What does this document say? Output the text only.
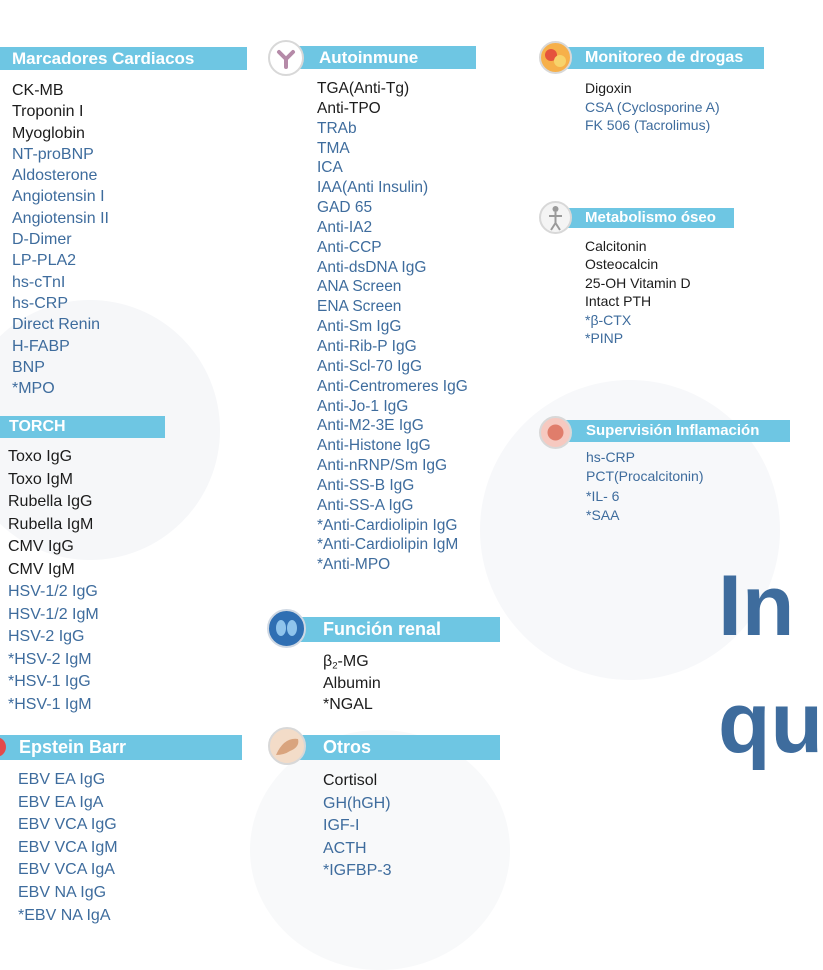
Marcadores Cardiacos
CK-MB
Troponin I
Myoglobin
NT-proBNP
Aldosterone
Angiotensin I
Angiotensin II
D-Dimer
LP-PLA2
hs-cTnI
hs-CRP
Direct Renin
H-FABP
BNP
*MPO
TORCH
Toxo IgG
Toxo IgM
Rubella IgG
Rubella IgM
CMV IgG
CMV IgM
HSV-1/2 IgG
HSV-1/2 IgM
HSV-2 IgG
*HSV-2 IgM
*HSV-1 IgG
*HSV-1 IgM
Epstein Barr
EBV EA IgG
EBV EA IgA
EBV VCA IgG
EBV VCA IgM
EBV VCA IgA
EBV NA IgG
*EBV NA IgA
Autoinmune
TGA(Anti-Tg)
Anti-TPO
TRAb
TMA
ICA
IAA(Anti Insulin)
GAD 65
Anti-IA2
Anti-CCP
Anti-dsDNA IgG
ANA Screen
ENA Screen
Anti-Sm IgG
Anti-Rib-P IgG
Anti-Scl-70 IgG
Anti-Centromeres IgG
Anti-Jo-1 IgG
Anti-M2-3E IgG
Anti-Histone IgG
Anti-nRNP/Sm IgG
Anti-SS-B IgG
Anti-SS-A IgG
*Anti-Cardiolipin IgG
*Anti-Cardiolipin IgM
*Anti-MPO
Función renal
$\beta_2-MG$
Albumin
*NGAL
Otros
Cortisol
GH(hGH)
IGF-I
ACTH
*IGFBP-3
Monitoreo de drogas
Digoxin
CSA (Cyclosporine A)
FK 506 (Tacrolimus)
Metabolismo óseo
Calcitonin
Osteocalcin
25-OH Vitamin D
Intact PTH
*β-CTX
*PINP
Supervisión Inflamación
hs-CRP
PCT(Procalcitonin)
*IL- 6
*SAA
In
qu
